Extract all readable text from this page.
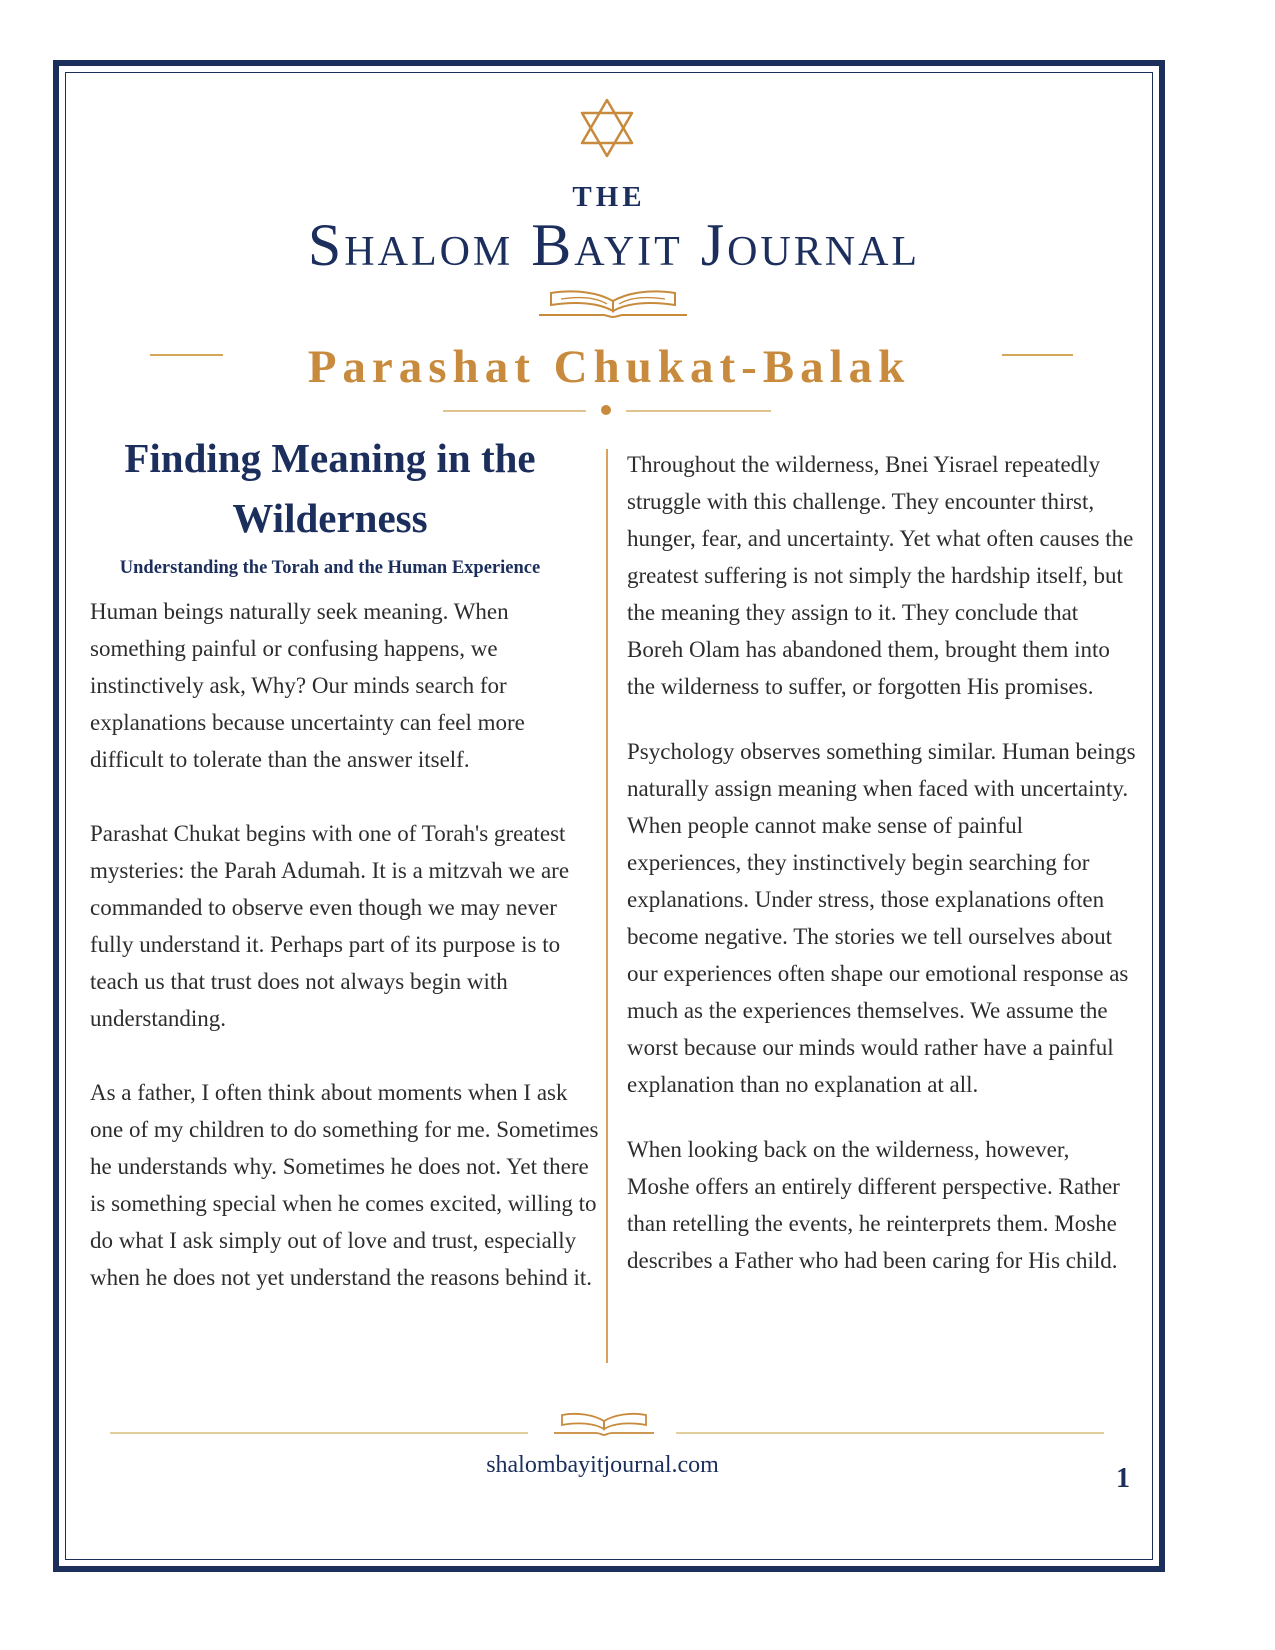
THE
Shalom Bayit Journal
Parashat Chukat-Balak
Finding Meaning in the
Wilderness
Understanding the Torah and the Human Experience

Human beings naturally seek meaning. When something painful or confusing happens, we instinctively ask, Why? Our minds search for explanations because uncertainty can feel more difficult to tolerate than the answer itself.

Parashat Chukat begins with one of Torah's greatest mysteries: the Parah Adumah. It is a mitzvah we are commanded to observe even though we may never fully understand it. Perhaps part of its purpose is to teach us that trust does not always begin with understanding.

As a father, I often think about moments when I ask one of my children to do something for me. Sometimes he understands why. Sometimes he does not. Yet there is something special when he comes excited, willing to do what I ask simply out of love and trust, especially when he does not yet understand the reasons behind it.

Throughout the wilderness, Bnei Yisrael repeatedly struggle with this challenge. They encounter thirst, hunger, fear, and uncertainty. Yet what often causes the greatest suffering is not simply the hardship itself, but the meaning they assign to it. They conclude that Boreh Olam has abandoned them, brought them into the wilderness to suffer, or forgotten His promises.

Psychology observes something similar. Human beings naturally assign meaning when faced with uncertainty. When people cannot make sense of painful experiences, they instinctively begin searching for explanations. Under stress, those explanations often become negative. The stories we tell ourselves about our experiences often shape our emotional response as much as the experiences themselves. We assume the worst because our minds would rather have a painful explanation than no explanation at all.

When looking back on the wilderness, however, Moshe offers an entirely different perspective. Rather than retelling the events, he reinterprets them. Moshe describes a Father who had been caring for His child.

shalombayitjournal.com	1
